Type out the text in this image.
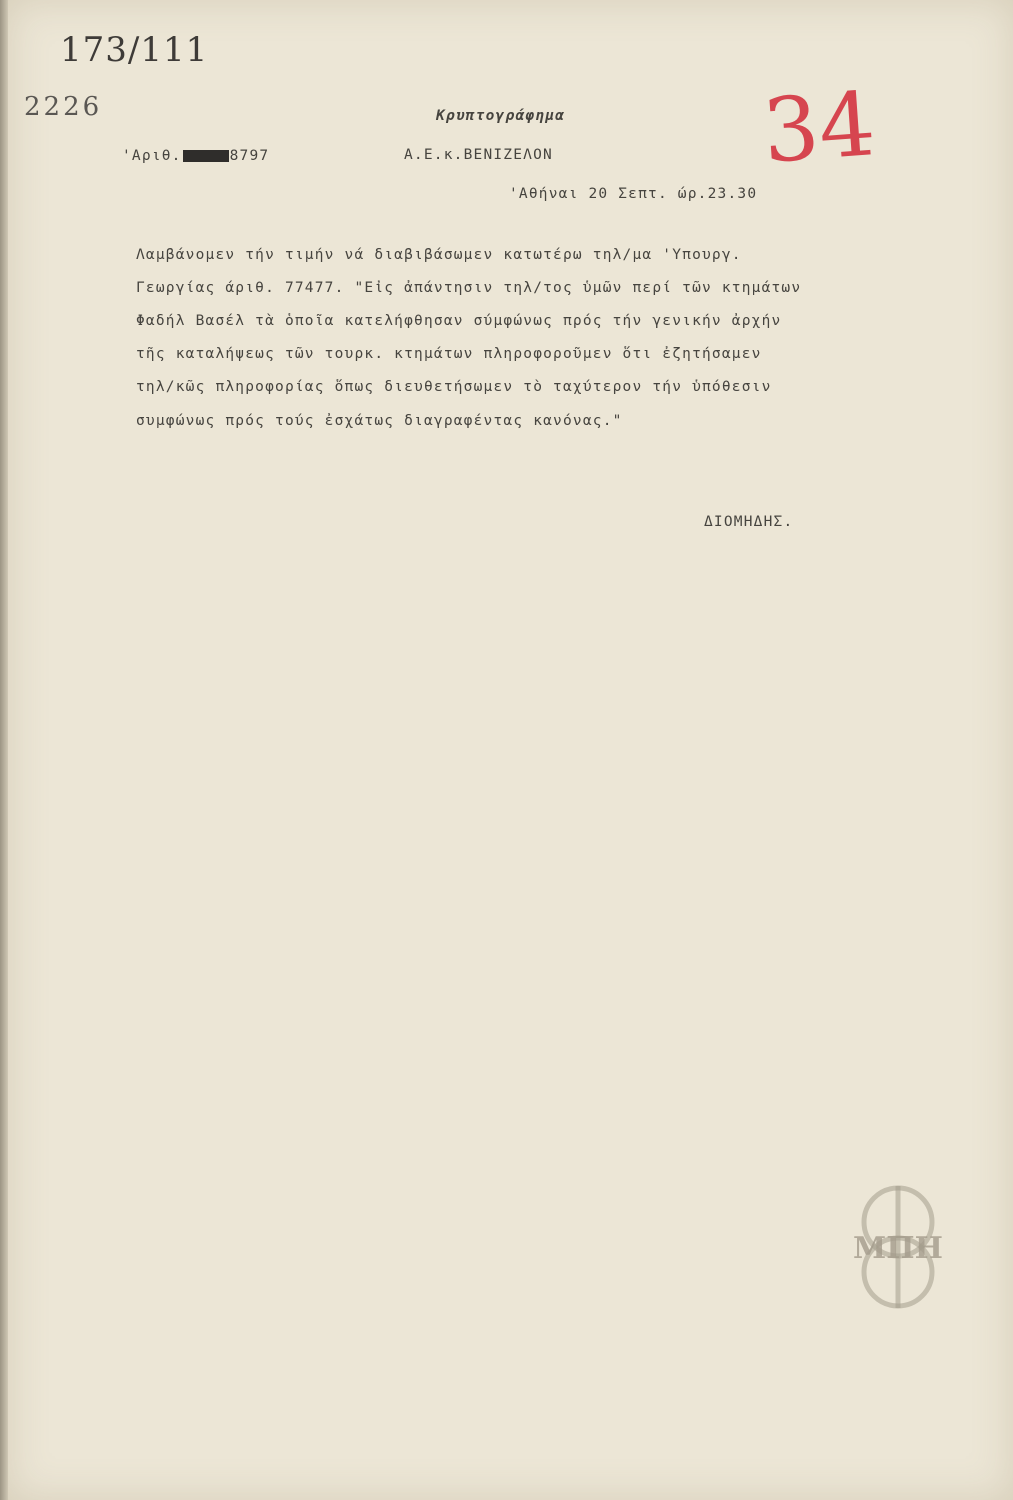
173/111
2226	34
Κρυπτογράφημα
'Αριθ.	8797	Α.Ε.κ.ΒΕΝΙΖΕΛΟΝ
'Αθήναι 20 Σεπτ. ώρ.23.30
Λαμβάνομεν τήν τιμήν νά διαβιβάσωμεν κατωτέρω τηλ/μα 'Υπουργ.
Γεωργίας άριθ. 77477. "Εἰς ἀπάντησιν τηλ/τος ὑμῶν περί τῶν κτημάτων
Φαδήλ Βασέλ τὰ ὁποῖα κατελήφθησαν σύμφώνως πρός τήν γενικήν ἀρχήν
τῆς καταλήψεως τῶν τουρκ. κτημάτων πληροφοροῦμεν ὅτι ἐζητήσαμεν
τηλ/κῶς πληροφορίας ὅπως διευθετήσωμεν τὸ ταχύτερον τήν ὑπόθεσιν
συμφώνως πρός τούς ἐσχάτως διαγραφέντας κανόνας."
ΔΙΟΜΗΔΗΣ.
ΜΠΗ
